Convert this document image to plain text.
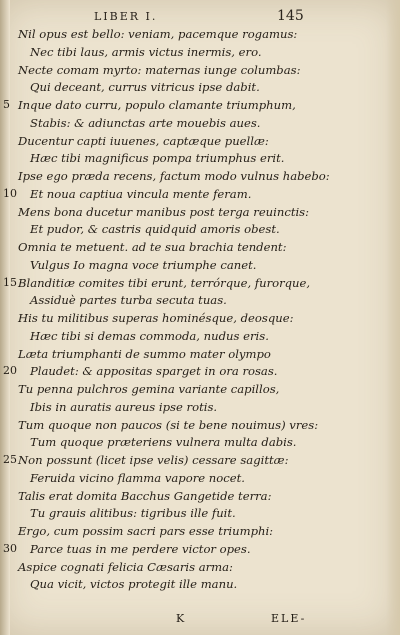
LIBER I.	145
Nil opus est bello: veniam, pacemque rogamus:
Nec tibi laus, armis victus inermis, ero.
Necte comam myrto: maternas iunge columbas:
Qui deceant, currus vitricus ipse dabit.
5 Inque dato curru, populo clamante triumphum,
Stabis: & adiunctas arte mouebis aues.
Ducentur capti iuuenes, captæque puellæ:
Hæc tibi magnificus pompa triumphus erit.
Ipse ego præda recens, factum modo vulnus habebo:
10 Et noua captiua vincula mente feram.
Mens bona ducetur manibus post terga reuinctis:
Et pudor, & castris quidquid amoris obest.
Omnia te metuent. ad te sua brachia tendent:
Vulgus Io magna voce triumphe canet.
15 Blanditiæ comites tibi erunt, terrórque, furorque,
Assiduè partes turba secuta tuas.
His tu militibus superas hominésque, deosque:
Hæc tibi si demas commoda, nudus eris.
Læta triumphanti de summo mater olympo
20 Plaudet: & appositas sparget in ora rosas.
Tu penna pulchros gemina variante capillos,
Ibis in auratis aureus ipse rotis.
Tum quoque non paucos (si te bene nouimus) vres:
Tum quoque præteriens vulnera multa dabis.
25 Non possunt (licet ipse velis) cessare sagittæ:
Feruida vicino flamma vapore nocet.
Talis erat domita Bacchus Gangetide terra:
Tu grauis alitibus: tigribus ille fuit.
Ergo, cum possim sacri pars esse triumphi:
30 Parce tuas in me perdere victor opes.
Aspice cognati felicia Cæsaris arma:
Qua vicit, victos protegit ille manu.
K	ELE-
